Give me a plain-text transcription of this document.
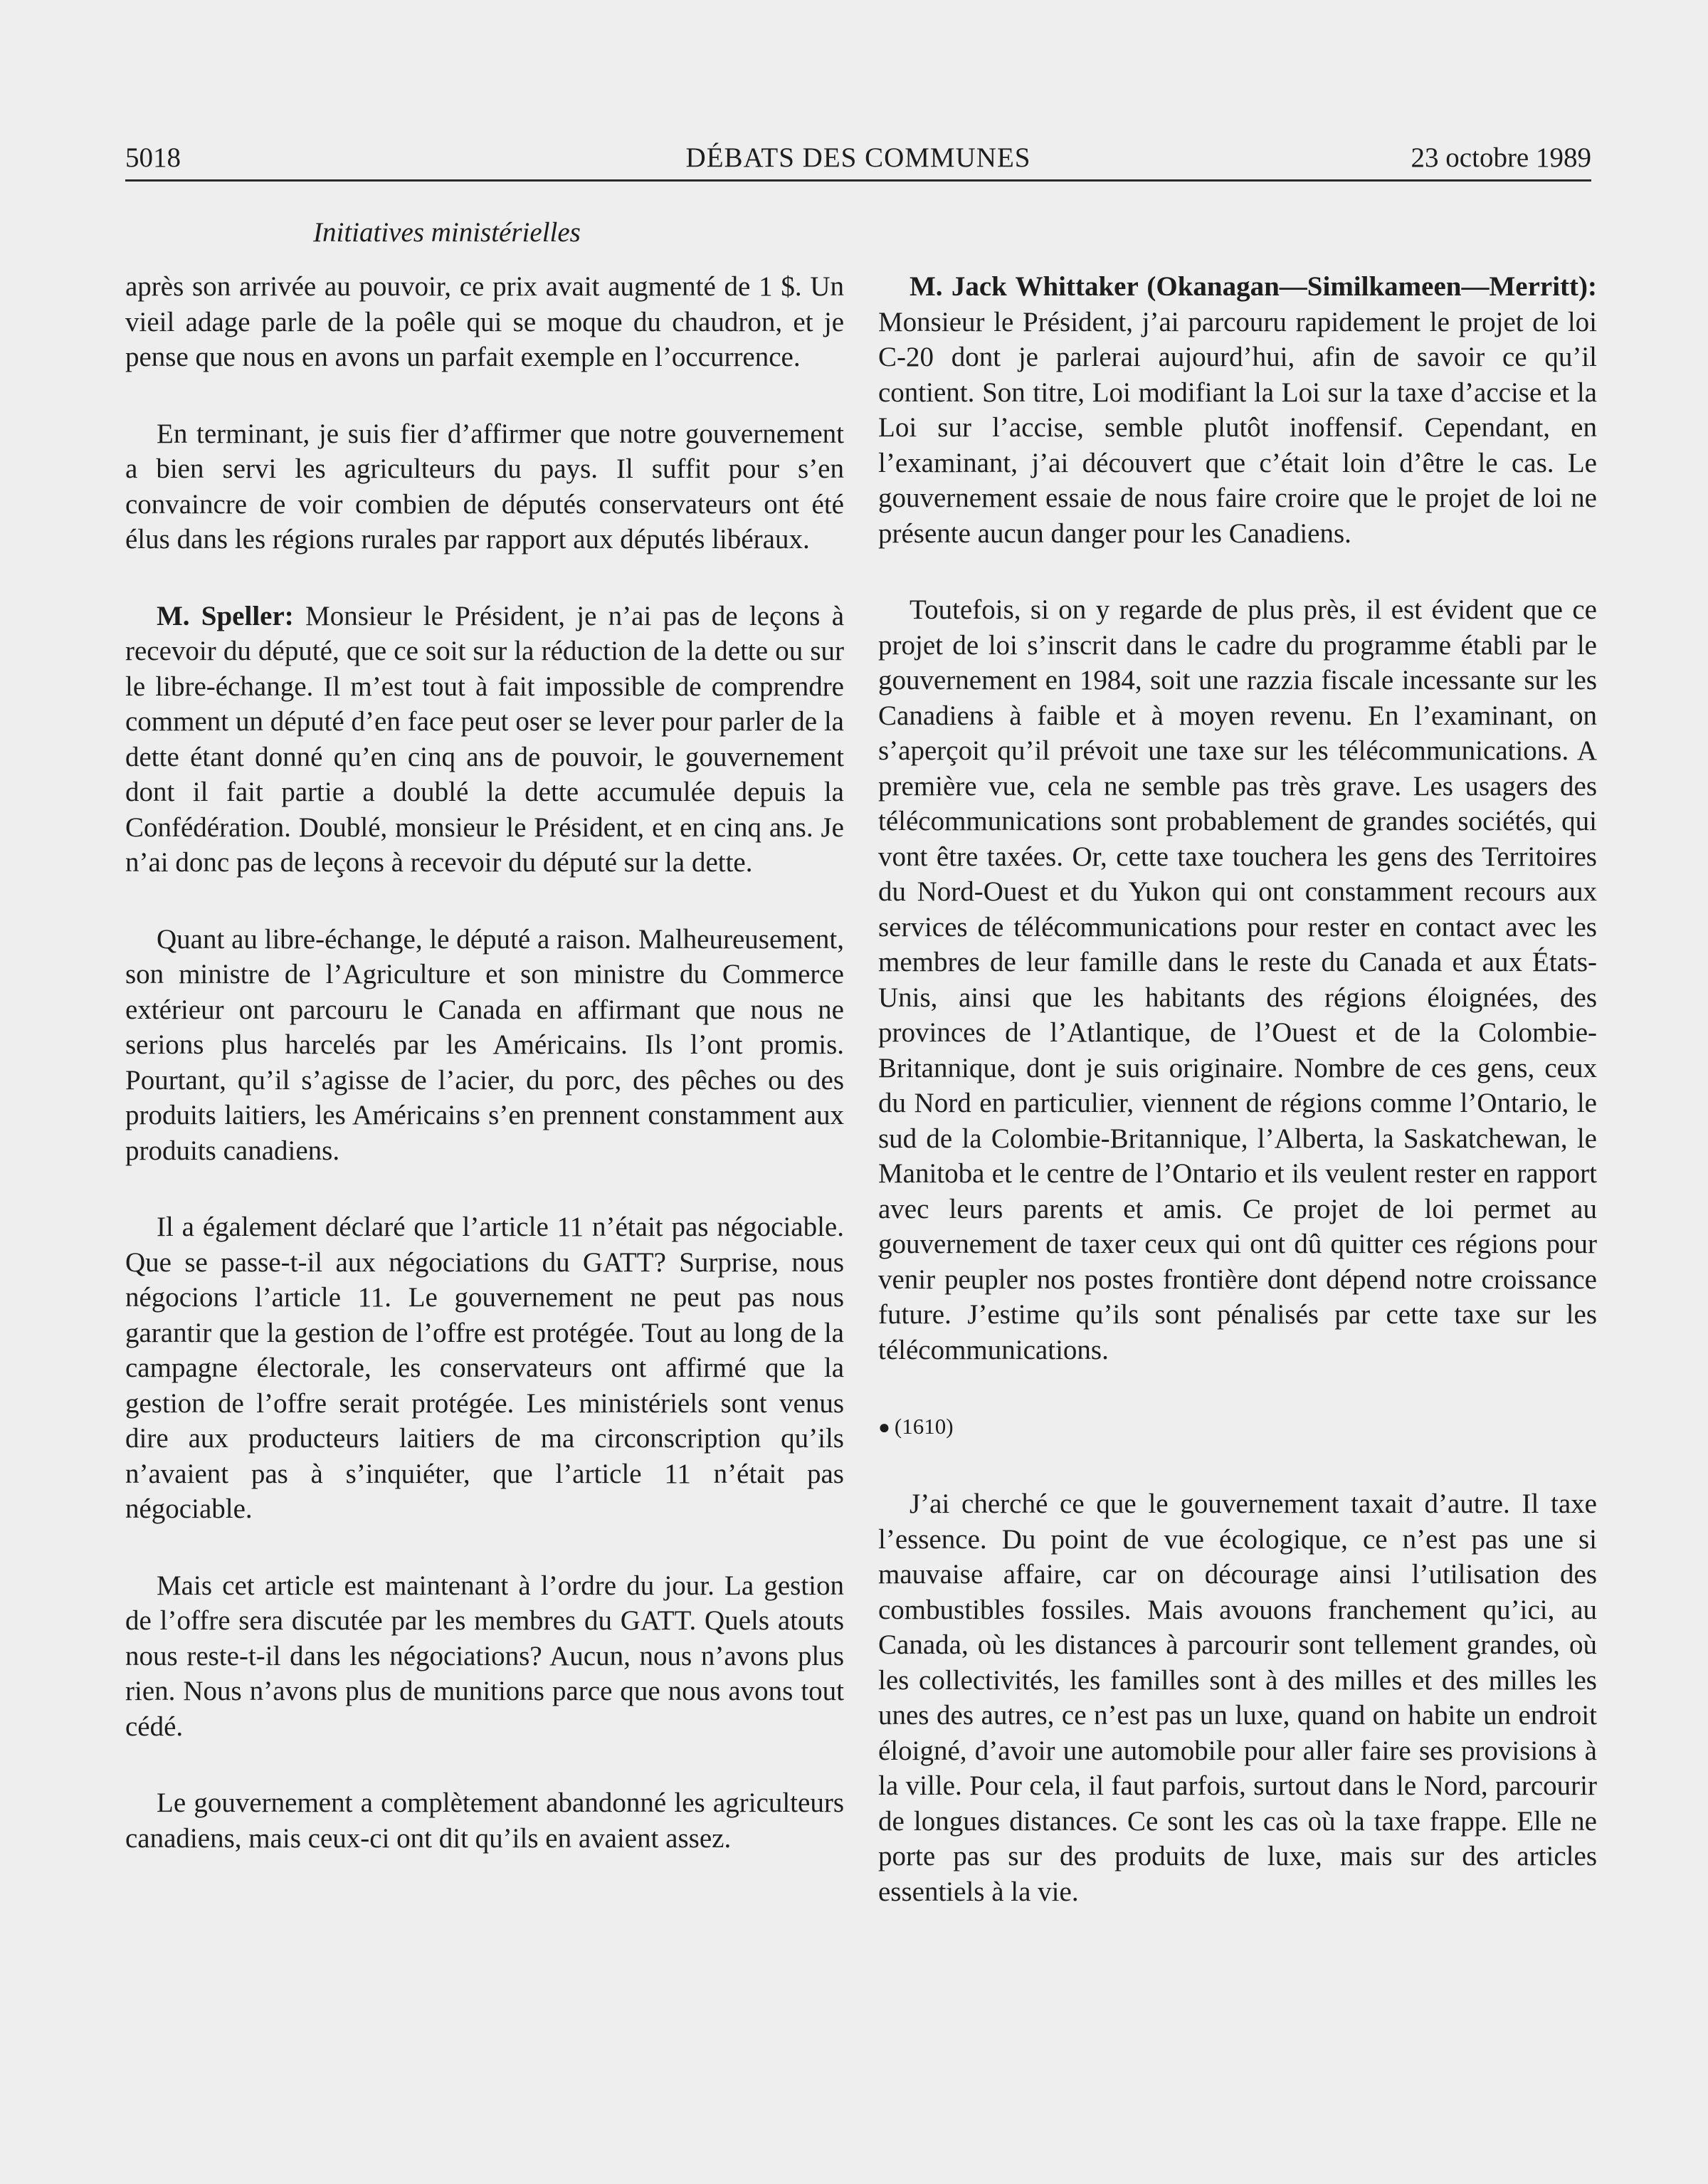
5018	DÉBATS DES COMMUNES	23 octobre 1989
Initiatives ministérielles

après son arrivée au pouvoir, ce prix avait augmenté de 1 $. Un vieil adage parle de la poêle qui se moque du chaudron, et je pense que nous en avons un parfait exemple en l’occurrence.

En terminant, je suis fier d’affirmer que notre gouvernement a bien servi les agriculteurs du pays. Il suffit pour s’en convaincre de voir combien de députés conservateurs ont été élus dans les régions rurales par rapport aux députés libéraux.

M. Speller: Monsieur le Président, je n’ai pas de leçons à recevoir du député, que ce soit sur la réduction de la dette ou sur le libre-échange. Il m’est tout à fait impossible de comprendre comment un député d’en face peut oser se lever pour parler de la dette étant donné qu’en cinq ans de pouvoir, le gouvernement dont il fait partie a doublé la dette accumulée depuis la Confédération. Doublé, monsieur le Président, et en cinq ans. Je n’ai donc pas de leçons à recevoir du député sur la dette.

Quant au libre-échange, le député a raison. Malheureusement, son ministre de l’Agriculture et son ministre du Commerce extérieur ont parcouru le Canada en affirmant que nous ne serions plus harcelés par les Américains. Ils l’ont promis. Pourtant, qu’il s’agisse de l’acier, du porc, des pêches ou des produits laitiers, les Américains s’en prennent constamment aux produits canadiens.

Il a également déclaré que l’article 11 n’était pas négociable. Que se passe-t-il aux négociations du GATT? Surprise, nous négocions l’article 11. Le gouvernement ne peut pas nous garantir que la gestion de l’offre est protégée. Tout au long de la campagne électorale, les conservateurs ont affirmé que la gestion de l’offre serait protégée. Les ministériels sont venus dire aux producteurs laitiers de ma circonscription qu’ils n’avaient pas à s’inquiéter, que l’article 11 n’était pas négociable.

Mais cet article est maintenant à l’ordre du jour. La gestion de l’offre sera discutée par les membres du GATT. Quels atouts nous reste-t-il dans les négociations? Aucun, nous n’avons plus rien. Nous n’avons plus de munitions parce que nous avons tout cédé.

Le gouvernement a complètement abandonné les agriculteurs canadiens, mais ceux-ci ont dit qu’ils en avaient assez.

M. Jack Whittaker (Okanagan—Similkameen—Merritt): Monsieur le Président, j’ai parcouru rapidement le projet de loi C-20 dont je parlerai aujourd’hui, afin de savoir ce qu’il contient. Son titre, Loi modifiant la Loi sur la taxe d’accise et la Loi sur l’accise, semble plutôt inoffensif. Cependant, en l’examinant, j’ai découvert que c’était loin d’être le cas. Le gouvernement essaie de nous faire croire que le projet de loi ne présente aucun danger pour les Canadiens.

Toutefois, si on y regarde de plus près, il est évident que ce projet de loi s’inscrit dans le cadre du programme établi par le gouvernement en 1984, soit une razzia fiscale incessante sur les Canadiens à faible et à moyen revenu. En l’examinant, on s’aperçoit qu’il prévoit une taxe sur les télécommunications. A première vue, cela ne semble pas très grave. Les usagers des télécommunications sont probablement de grandes sociétés, qui vont être taxées. Or, cette taxe touchera les gens des Territoires du Nord-Ouest et du Yukon qui ont constamment recours aux services de télécommunications pour rester en contact avec les membres de leur famille dans le reste du Canada et aux États-Unis, ainsi que les habitants des régions éloignées, des provinces de l’Atlantique, de l’Ouest et de la Colombie-Britannique, dont je suis originaire. Nombre de ces gens, ceux du Nord en particulier, viennent de régions comme l’Ontario, le sud de la Colombie-Britannique, l’Alberta, la Saskatchewan, le Manitoba et le centre de l’Ontario et ils veulent rester en rapport avec leurs parents et amis. Ce projet de loi permet au gouvernement de taxer ceux qui ont dû quitter ces régions pour venir peupler nos postes frontière dont dépend notre croissance future. J’estime qu’ils sont pénalisés par cette taxe sur les télécommunications.

● (1610)

J’ai cherché ce que le gouvernement taxait d’autre. Il taxe l’essence. Du point de vue écologique, ce n’est pas une si mauvaise affaire, car on décourage ainsi l’utilisation des combustibles fossiles. Mais avouons franchement qu’ici, au Canada, où les distances à parcourir sont tellement grandes, où les collectivités, les familles sont à des milles et des milles les unes des autres, ce n’est pas un luxe, quand on habite un endroit éloigné, d’avoir une automobile pour aller faire ses provisions à la ville. Pour cela, il faut parfois, surtout dans le Nord, parcourir de longues distances. Ce sont les cas où la taxe frappe. Elle ne porte pas sur des produits de luxe, mais sur des articles essentiels à la vie.
